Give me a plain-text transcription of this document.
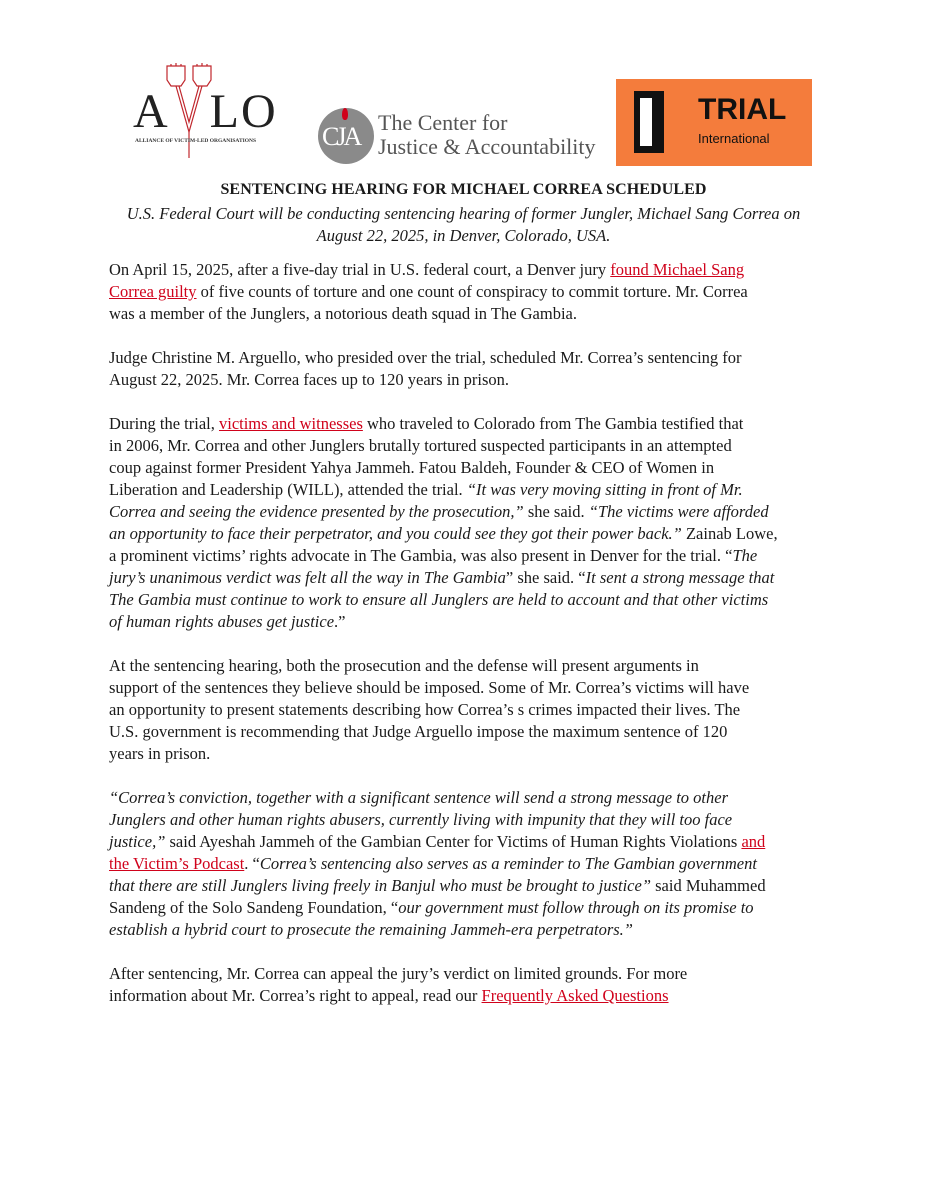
A LO
ALLIANCE OF VICTIM-LED ORGANISATIONS	CJA The Center for
Justice & Accountability
TRIAL
International
SENTENCING HEARING FOR MICHAEL CORREA SCHEDULED
U.S. Federal Court will be conducting sentencing hearing of former Jungler, Michael Sang Correa on
August 22, 2025, in Denver, Colorado, USA.

On April 15, 2025, after a five-day trial in U.S. federal court, a Denver jury found Michael Sang
Correa guilty of five counts of torture and one count of conspiracy to commit torture. Mr. Correa
was a member of the Junglers, a notorious death squad in The Gambia.

Judge Christine M. Arguello, who presided over the trial, scheduled Mr. Correa’s sentencing for
August 22, 2025. Mr. Correa faces up to 120 years in prison.

During the trial, victims and witnesses who traveled to Colorado from The Gambia testified that
in 2006, Mr. Correa and other Junglers brutally tortured suspected participants in an attempted
coup against former President Yahya Jammeh. Fatou Baldeh, Founder & CEO of Women in
Liberation and Leadership (WILL), attended the trial. “It was very moving sitting in front of Mr.
Correa and seeing the evidence presented by the prosecution,” she said. “The victims were afforded
an opportunity to face their perpetrator, and you could see they got their power back.” Zainab Lowe,
a prominent victims’ rights advocate in The Gambia, was also present in Denver for the trial. “The
jury’s unanimous verdict was felt all the way in The Gambia” she said. “It sent a strong message that
The Gambia must continue to work to ensure all Junglers are held to account and that other victims
of human rights abuses get justice.”

At the sentencing hearing, both the prosecution and the defense will present arguments in
support of the sentences they believe should be imposed. Some of Mr. Correa’s victims will have
an opportunity to present statements describing how Correa’s s crimes impacted their lives. The
U.S. government is recommending that Judge Arguello impose the maximum sentence of 120
years in prison.

“Correa’s conviction, together with a significant sentence will send a strong message to other
Junglers and other human rights abusers, currently living with impunity that they will too face
justice,” said Ayeshah Jammeh of the Gambian Center for Victims of Human Rights Violations and
the Victim’s Podcast. “Correa’s sentencing also serves as a reminder to The Gambian government
that there are still Junglers living freely in Banjul who must be brought to justice” said Muhammed
Sandeng of the Solo Sandeng Foundation, “our government must follow through on its promise to
establish a hybrid court to prosecute the remaining Jammeh-era perpetrators.”

After sentencing, Mr. Correa can appeal the jury’s verdict on limited grounds. For more
information about Mr. Correa’s right to appeal, read our Frequently Asked Questions
